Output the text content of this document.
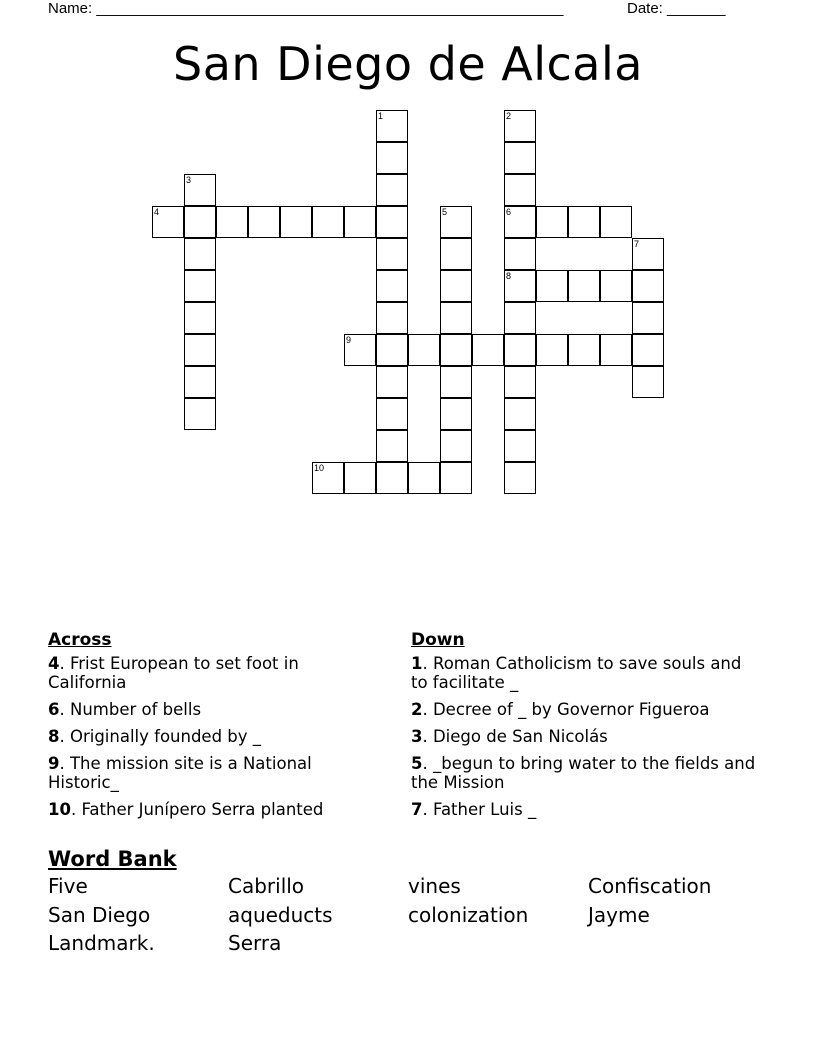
Name: ________________________________________________________	Date: _______
San Diego de Alcala
1	2
6
8
3
4	5
7
9
10
Across
4. Frist European to set foot in California
6. Number of bells
8. Originally founded by _
9. The mission site is a National Historic_
10. Father Junípero Serra planted
Down
1. Roman Catholicism to save souls and to facilitate _
2. Decree of _ by Governor Figueroa
3. Diego de San Nicolás
5. _begun to bring water to the fields and the Mission
7. Father Luis _
Word Bank
Five	Cabrillo	vines	Confiscation
San Diego	aqueducts	colonization	Jayme
Landmark.	Serra
